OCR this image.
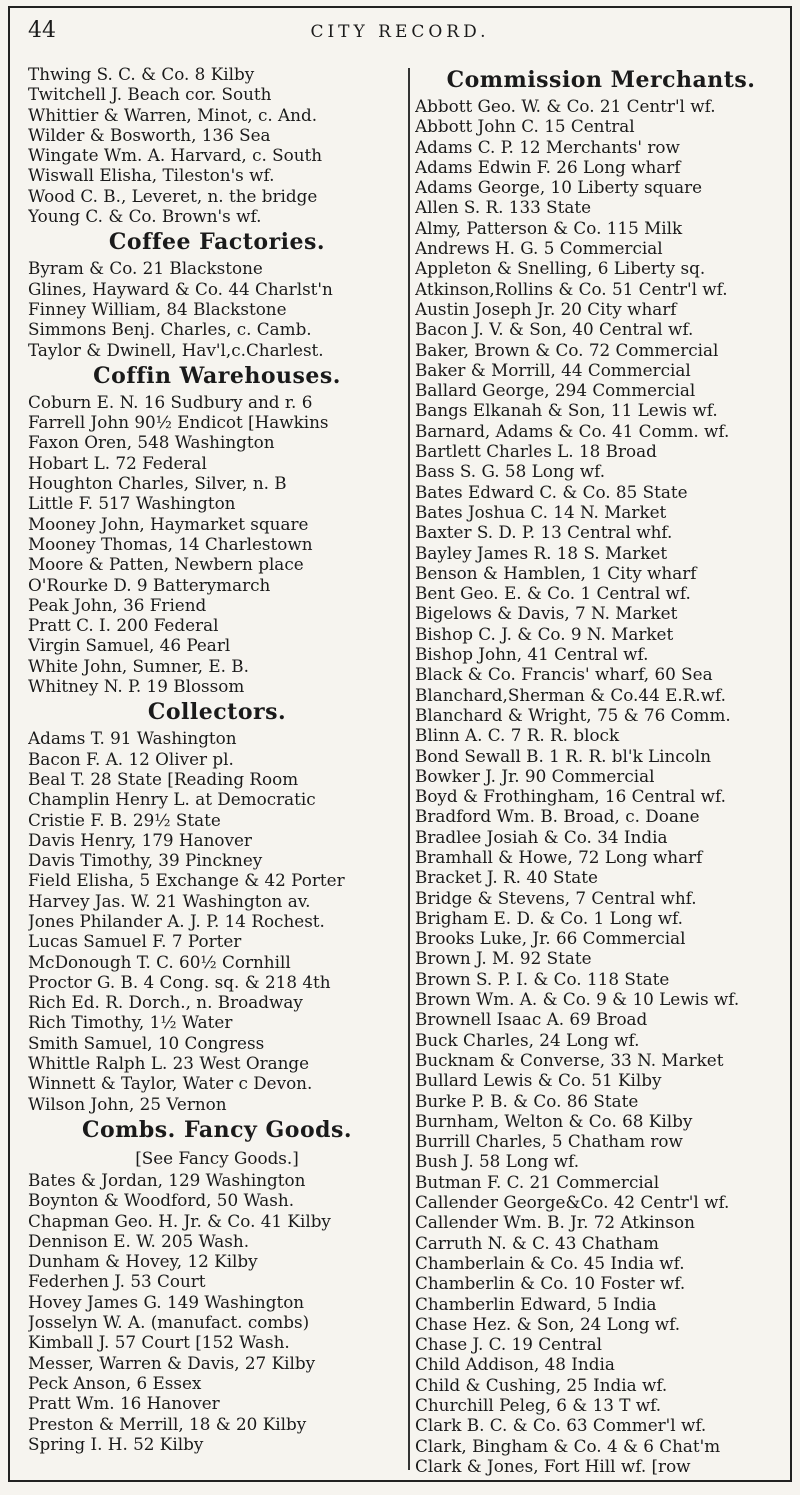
44	CITY RECORD.
Thwing S. C. & Co. 8 Kilby
Twitchell J. Beach cor. South
Whittier & Warren, Minot, c. And.
Wilder & Bosworth, 136 Sea
Wingate Wm. A. Harvard, c. South
Wiswall Elisha, Tileston's wf.
Wood C. B., Leveret, n. the bridge
Young C. & Co. Brown's wf.
Coffee Factories.
Byram & Co. 21 Blackstone
Glines, Hayward & Co. 44 Charlst'n
Finney William, 84 Blackstone
Simmons Benj. Charles, c. Camb.
Taylor & Dwinell, Hav'l,c.Charlest.
Coffin Warehouses.
Coburn E. N. 16 Sudbury and r. 6
Farrell John 90½ Endicot [Hawkins
Faxon Oren, 548 Washington
Hobart L. 72 Federal
Houghton Charles, Silver, n. B
Little F. 517 Washington
Mooney John, Haymarket square
Mooney Thomas, 14 Charlestown
Moore & Patten, Newbern place
O'Rourke D. 9 Batterymarch
Peak John, 36 Friend
Pratt C. I. 200 Federal
Virgin Samuel, 46 Pearl
White John, Sumner, E. B.
Whitney N. P. 19 Blossom
Collectors.
Adams T. 91 Washington
Bacon F. A. 12 Oliver pl.
Beal T. 28 State [Reading Room
Champlin Henry L. at Democratic
Cristie F. B. 29½ State
Davis Henry, 179 Hanover
Davis Timothy, 39 Pinckney
Field Elisha, 5 Exchange & 42 Porter
Harvey Jas. W. 21 Washington av.
Jones Philander A. J. P. 14 Rochest.
Lucas Samuel F. 7 Porter
McDonough T. C. 60½ Cornhill
Proctor G. B. 4 Cong. sq. & 218 4th
Rich Ed. R. Dorch., n. Broadway
Rich Timothy, 1½ Water
Smith Samuel, 10 Congress
Whittle Ralph L. 23 West Orange
Winnett & Taylor, Water c Devon.
Wilson John, 25 Vernon
Combs. Fancy Goods.
[See Fancy Goods.]
Bates & Jordan, 129 Washington
Boynton & Woodford, 50 Wash.
Chapman Geo. H. Jr. & Co. 41 Kilby
Dennison E. W. 205 Wash.
Dunham & Hovey, 12 Kilby
Federhen J. 53 Court
Hovey James G. 149 Washington
Josselyn W. A. (manufact. combs)
Kimball J. 57 Court [152 Wash.
Messer, Warren & Davis, 27 Kilby
Peck Anson, 6 Essex
Pratt Wm. 16 Hanover
Preston & Merrill, 18 & 20 Kilby
Spring I. H. 52 Kilby
Commission Merchants.
Abbott Geo. W. & Co. 21 Centr'l wf.
Abbott John C. 15 Central
Adams C. P. 12 Merchants' row
Adams Edwin F. 26 Long wharf
Adams George, 10 Liberty square
Allen S. R. 133 State
Almy, Patterson & Co. 115 Milk
Andrews H. G. 5 Commercial
Appleton & Snelling, 6 Liberty sq.
Atkinson,Rollins & Co. 51 Centr'l wf.
Austin Joseph Jr. 20 City wharf
Bacon J. V. & Son, 40 Central wf.
Baker, Brown & Co. 72 Commercial
Baker & Morrill, 44 Commercial
Ballard George, 294 Commercial
Bangs Elkanah & Son, 11 Lewis wf.
Barnard, Adams & Co. 41 Comm. wf.
Bartlett Charles L. 18 Broad
Bass S. G. 58 Long wf.
Bates Edward C. & Co. 85 State
Bates Joshua C. 14 N. Market
Baxter S. D. P. 13 Central whf.
Bayley James R. 18 S. Market
Benson & Hamblen, 1 City wharf
Bent Geo. E. & Co. 1 Central wf.
Bigelows & Davis, 7 N. Market
Bishop C. J. & Co. 9 N. Market
Bishop John, 41 Central wf.
Black & Co. Francis' wharf, 60 Sea
Blanchard,Sherman & Co.44 E.R.wf.
Blanchard & Wright, 75 & 76 Comm.
Blinn A. C. 7 R. R. block
Bond Sewall B. 1 R. R. bl'k Lincoln
Bowker J. Jr. 90 Commercial
Boyd & Frothingham, 16 Central wf.
Bradford Wm. B. Broad, c. Doane
Bradlee Josiah & Co. 34 India
Bramhall & Howe, 72 Long wharf
Bracket J. R. 40 State
Bridge & Stevens, 7 Central whf.
Brigham E. D. & Co. 1 Long wf.
Brooks Luke, Jr. 66 Commercial
Brown J. M. 92 State
Brown S. P. I. & Co. 118 State
Brown Wm. A. & Co. 9 & 10 Lewis wf.
Brownell Isaac A. 69 Broad
Buck Charles, 24 Long wf.
Bucknam & Converse, 33 N. Market
Bullard Lewis & Co. 51 Kilby
Burke P. B. & Co. 86 State
Burnham, Welton & Co. 68 Kilby
Burrill Charles, 5 Chatham row
Bush J. 58 Long wf.
Butman F. C. 21 Commercial
Callender George&Co. 42 Centr'l wf.
Callender Wm. B. Jr. 72 Atkinson
Carruth N. & C. 43 Chatham
Chamberlain & Co. 45 India wf.
Chamberlin & Co. 10 Foster wf.
Chamberlin Edward, 5 India
Chase Hez. & Son, 24 Long wf.
Chase J. C. 19 Central
Child Addison, 48 India
Child & Cushing, 25 India wf.
Churchill Peleg, 6 & 13 T wf.
Clark B. C. & Co. 63 Commer'l wf.
Clark, Bingham & Co. 4 & 6 Chat'm
Clark & Jones, Fort Hill wf. [row
